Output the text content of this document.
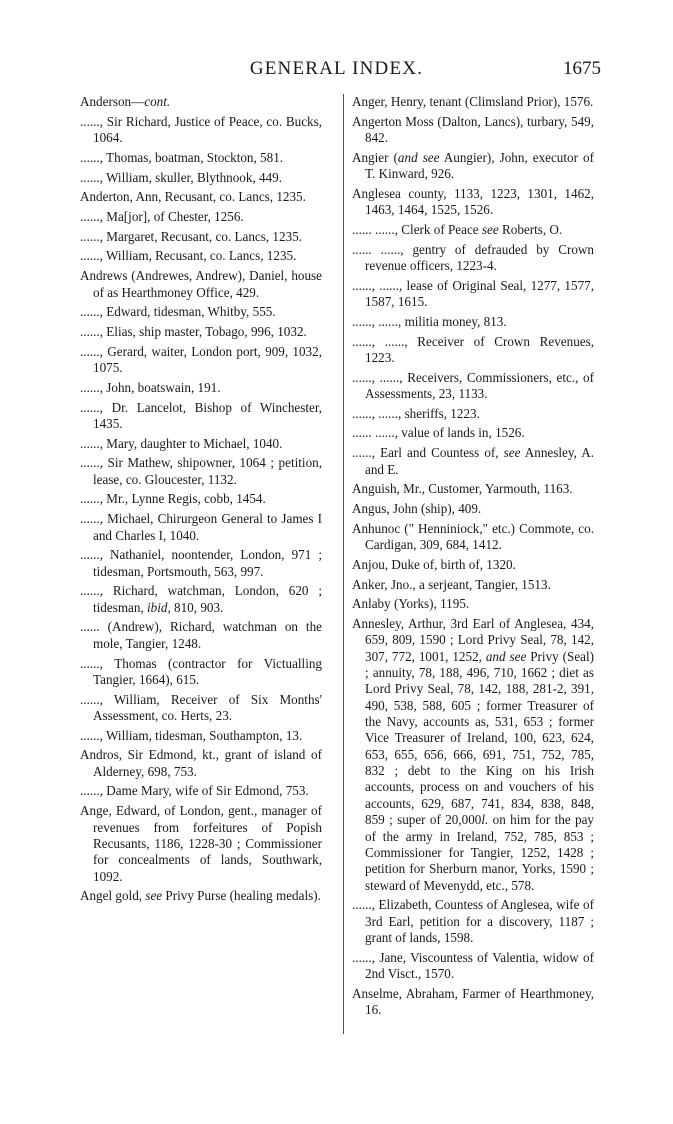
GENERAL INDEX.	1675
Anderson—cont.
......, Sir Richard, Justice of Peace, co. Bucks, 1064.
......, Thomas, boatman, Stockton, 581.
......, William, skuller, Blythnook, 449.
Anderton, Ann, Recusant, co. Lancs, 1235.
......, Ma[jor], of Chester, 1256.
......, Margaret, Recusant, co. Lancs, 1235.
......, William, Recusant, co. Lancs, 1235.
Andrews (Andrewes, Andrew), Daniel, house of as Hearthmoney Office, 429.
......, Edward, tidesman, Whitby, 555.
......, Elias, ship master, Tobago, 996, 1032.
......, Gerard, waiter, London port, 909, 1032, 1075.
......, John, boatswain, 191.
......, Dr. Lancelot, Bishop of Winchester, 1435.
......, Mary, daughter to Michael, 1040.
......, Sir Mathew, shipowner, 1064 ; petition, lease, co. Gloucester, 1132.
......, Mr., Lynne Regis, cobb, 1454.
......, Michael, Chirurgeon General to James I and Charles I, 1040.
......, Nathaniel, noontender, London, 971 ; tidesman, Portsmouth, 563, 997.
......, Richard, watchman, London, 620 ; tidesman, ibid, 810, 903.
...... (Andrew), Richard, watchman on the mole, Tangier, 1248.
......, Thomas (contractor for Victualling Tangier, 1664), 615.
......, William, Receiver of Six Months' Assessment, co. Herts, 23.
......, William, tidesman, Southampton, 13.
Andros, Sir Edmond, kt., grant of island of Alderney, 698, 753.
......, Dame Mary, wife of Sir Edmond, 753.
Ange, Edward, of London, gent., manager of revenues from forfeitures of Popish Recusants, 1186, 1228-30 ; Commissioner for concealments of lands, Southwark, 1092.
Angel gold, see Privy Purse (healing medals).
Anger, Henry, tenant (Climsland Prior), 1576.
Angerton Moss (Dalton, Lancs), turbary, 549, 842.
Angier (and see Aungier), John, executor of T. Kinward, 926.
Anglesea county, 1133, 1223, 1301, 1462, 1463, 1464, 1525, 1526.
...... ......, Clerk of Peace see Roberts, O.
...... ......, gentry of defrauded by Crown revenue officers, 1223-4.
......, ......, lease of Original Seal, 1277, 1577, 1587, 1615.
......, ......, militia money, 813.
......, ......, Receiver of Crown Revenues, 1223.
......, ......, Receivers, Commissioners, etc., of Assessments, 23, 1133.
......, ......, sheriffs, 1223.
...... ......, value of lands in, 1526.
......, Earl and Countess of, see Annesley, A. and E.
Anguish, Mr., Customer, Yarmouth, 1163.
Angus, John (ship), 409.
Anhunoc (" Henniniock," etc.) Commote, co. Cardigan, 309, 684, 1412.
Anjou, Duke of, birth of, 1320.
Anker, Jno., a serjeant, Tangier, 1513.
Anlaby (Yorks), 1195.
Annesley, Arthur, 3rd Earl of Anglesea, 434, 659, 809, 1590 ; Lord Privy Seal, 78, 142, 307, 772, 1001, 1252, and see Privy (Seal) ; annuity, 78, 188, 496, 710, 1662 ; diet as Lord Privy Seal, 78, 142, 188, 281-2, 391, 490, 538, 588, 605 ; former Treasurer of the Navy, accounts as, 531, 653 ; former Vice Treasurer of Ireland, 100, 623, 624, 653, 655, 656, 666, 691, 751, 752, 785, 832 ; debt to the King on his Irish accounts, process on and vouchers of his accounts, 629, 687, 741, 834, 838, 848, 859 ; super of 20,000l. on him for the pay of the army in Ireland, 752, 785, 853 ; Commissioner for Tangier, 1252, 1428 ; petition for Sherburn manor, Yorks, 1590 ; steward of Mevenydd, etc., 578.
......, Elizabeth, Countess of Anglesea, wife of 3rd Earl, petition for a discovery, 1187 ; grant of lands, 1598.
......, Jane, Viscountess of Valentia, widow of 2nd Visct., 1570.
Anselme, Abraham, Farmer of Hearthmoney, 16.
